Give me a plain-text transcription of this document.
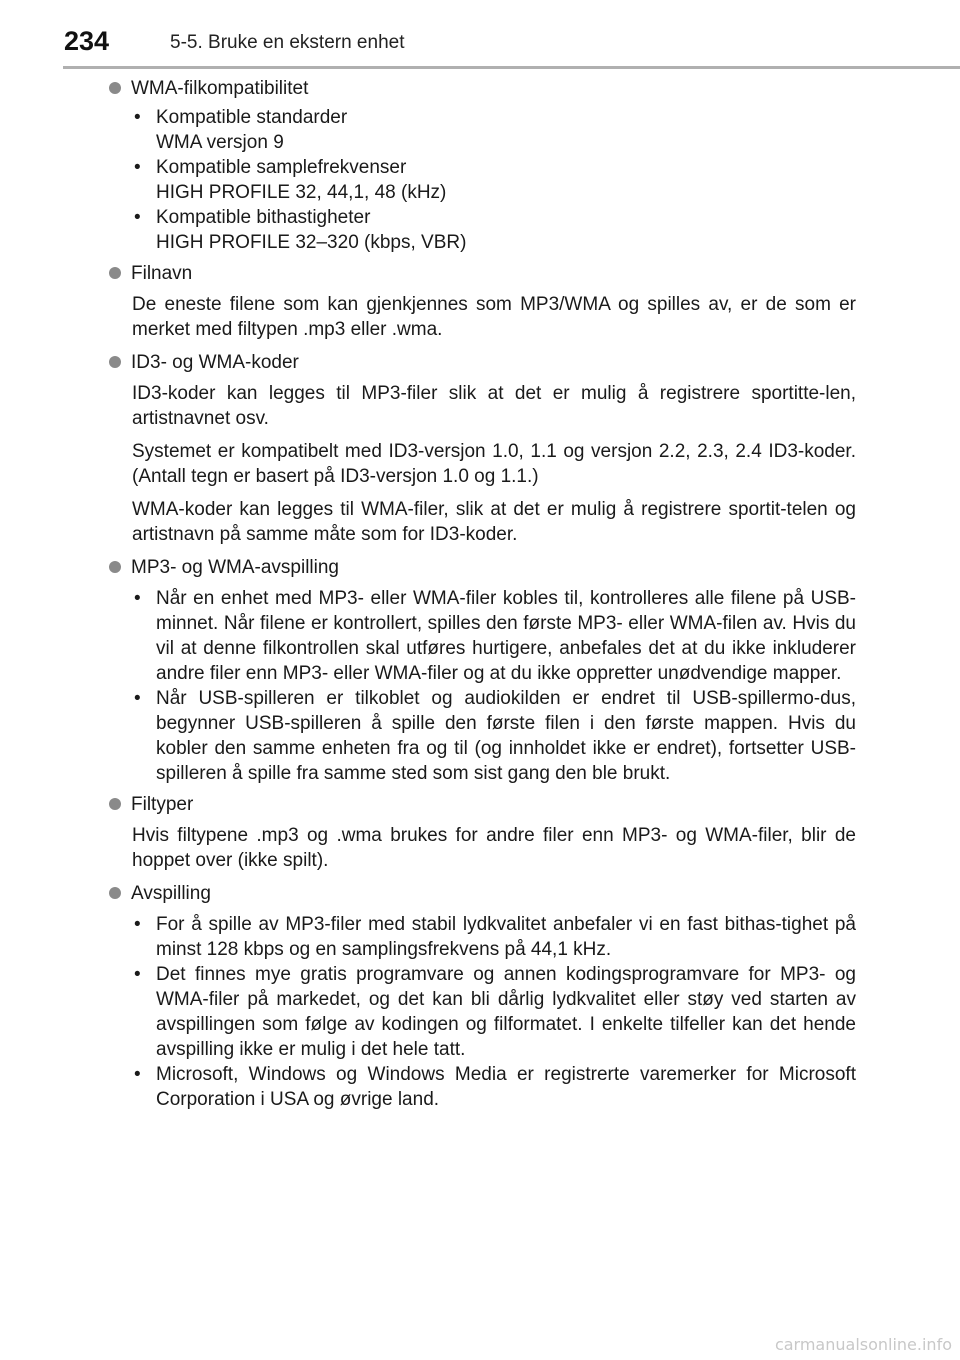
234	5-5. Bruke en ekstern enhet
WMA-filkompatibilitet
• Kompatible standarder
WMA versjon 9
• Kompatible samplefrekvenser
HIGH PROFILE 32, 44,1, 48 (kHz)
• Kompatible bithastigheter
HIGH PROFILE 32–320 (kbps, VBR)
Filnavn

De eneste filene som kan gjenkjennes som MP3/WMA og spilles av, er de som er merket med filtypen .mp3 eller .wma.

ID3- og WMA-koder

ID3-koder kan legges til MP3-filer slik at det er mulig å registrere sportitte-len, artistnavnet osv.

Systemet er kompatibelt med ID3-versjon 1.0, 1.1 og versjon 2.2, 2.3, 2.4 ID3-koder. (Antall tegn er basert på ID3-versjon 1.0 og 1.1.)

WMA-koder kan legges til WMA-filer, slik at det er mulig å registrere sportit-telen og artistnavn på samme måte som for ID3-koder.

MP3- og WMA-avspilling
• Når en enhet med MP3- eller WMA-filer kobles til, kontrolleres alle filene på USB-minnet. Når filene er kontrollert, spilles den første MP3- eller WMA-filen av. Hvis du vil at denne filkontrollen skal utføres hurtigere, anbefales det at du ikke inkluderer andre filer enn MP3- eller WMA-filer og at du ikke oppretter unødvendige mapper.
• Når USB-spilleren er tilkoblet og audiokilden er endret til USB-spillermo-dus, begynner USB-spilleren å spille den første filen i den første mappen. Hvis du kobler den samme enheten fra og til (og innholdet ikke er endret), fortsetter USB-spilleren å spille fra samme sted som sist gang den ble brukt.
Filtyper

Hvis filtypene .mp3 og .wma brukes for andre filer enn MP3- og WMA-filer, blir de hoppet over (ikke spilt).

Avspilling
• For å spille av MP3-filer med stabil lydkvalitet anbefaler vi en fast bithas-tighet på minst 128 kbps og en samplingsfrekvens på 44,1 kHz.
• Det finnes mye gratis programvare og annen kodingsprogramvare for MP3- og WMA-filer på markedet, og det kan bli dårlig lydkvalitet eller støy ved starten av avspillingen som følge av kodingen og filformatet. I enkelte tilfeller kan det hende avspilling ikke er mulig i det hele tatt.
• Microsoft, Windows og Windows Media er registrerte varemerker for Microsoft Corporation i USA og øvrige land.
carmanualsonline.info
